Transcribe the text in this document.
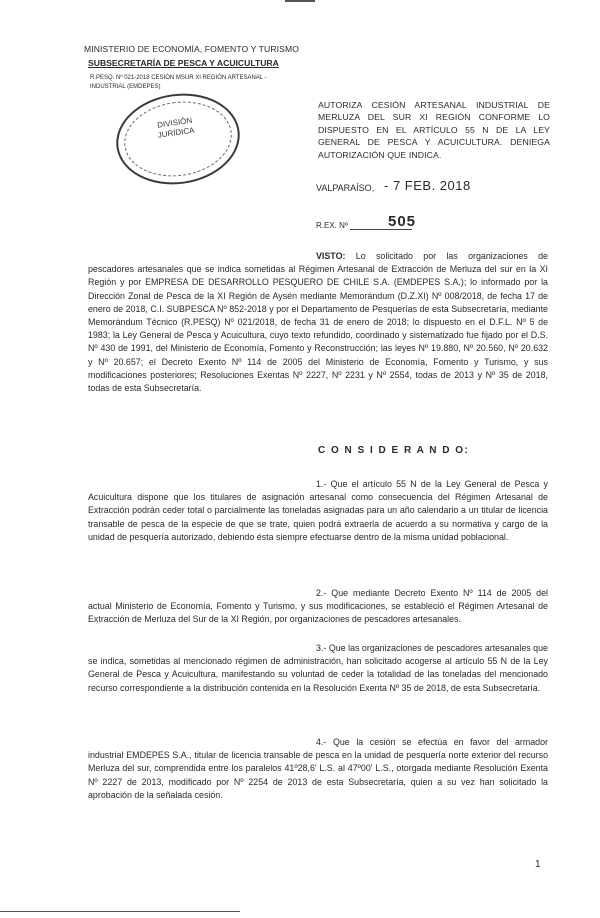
MINISTERIO DE ECONOMÍA, FOMENTO Y TURISMO
SUBSECRETARÍA DE PESCA Y ACUICULTURA
R.PESQ. Nº 021-2018 CESIÓN MSUR XI REGIÓN ARTESANAL - INDUSTRIAL (EMDEPES)
DIVISIÓN JURÍDICA
AUTORIZA CESIÓN ARTESANAL INDUSTRIAL DE MERLUZA DEL SUR XI REGIÓN CONFORME LO DISPUESTO EN EL ARTÍCULO 55 N DE LA LEY GENERAL DE PESCA Y ACUICULTURA. DENIEGA AUTORIZACIÓN QUE INDICA.
VALPARAÍSO, - 7 FEB. 2018
R.EX. Nº	505
VISTO: Lo solicitado por las organizaciones de pescadores artesanales que se indica sometidas al Régimen Artesanal de Extracción de Merluza del sur en la XI Región y por EMPRESA DE DESARROLLO PESQUERO DE CHILE S.A. (EMDEPES S.A.); lo informado por la Dirección Zonal de Pesca de la XI Región de Aysén mediante Memorándum (D.Z.XI) Nº 008/2018, de fecha 17 de enero de 2018, C.I. SUBPESCA Nº 852-2018 y por el Departamento de Pesquerías de esta Subsecretaría, mediante Memorándum Técnico (R.PESQ) Nº 021/2018, de fecha 31 de enero de 2018; lo dispuesto en el D.F.L. Nº 5 de 1983; la Ley General de Pesca y Acuicultura, cuyo texto refundido, coordinado y sistematizado fue fijado por el D.S. Nº 430 de 1991, del Ministerio de Economía, Fomento y Reconstrucción; las leyes Nº 19.880, Nº 20.560, Nº 20.632 y Nº 20.657; el Decreto Exento Nº 114 de 2005 del Ministerio de Economía, Fomento y Turismo, y sus modificaciones posteriores; Resoluciones Exentas Nº 2227, Nº 2231 y Nº 2554, todas de 2013 y Nº 35 de 2018, todas de esta Subsecretaría.
C O N S I D E R A N D O:
1.- Que el artículo 55 N de la Ley General de Pesca y Acuicultura dispone que los titulares de asignación artesanal como consecuencia del Régimen Artesanal de Extracción podrán ceder total o parcialmente las toneladas asignadas para un año calendario a un titular de licencia transable de pesca de la especie de que se trate, quien podrá extraerla de acuerdo a su normativa y cargo de la unidad de pesquería autorizado, debiendo ésta siempre efectuarse dentro de la misma unidad poblacional.
2.- Que mediante Decreto Exento Nº 114 de 2005 del actual Ministerio de Economía, Fomento y Turismo, y sus modificaciones, se estableció el Régimen Artesanal de Extracción de Merluza del Sur de la XI Región, por organizaciones de pescadores artesanales.
3.- Que las organizaciones de pescadores artesanales que se indica, sometidas al mencionado régimen de administración, han solicitado acogerse al artículo 55 N de la Ley General de Pesca y Acuicultura, manifestando su voluntad de ceder la totalidad de las toneladas del mencionado recurso correspondiente a la distribución contenida en la Resolución Exenta Nº 35 de 2018, de esta Subsecretaría.
4.- Que la cesión se efectúa en favor del armador industrial EMDEPES S.A., titular de licencia transable de pesca en la unidad de pesquería norte exterior del recurso Merluza del sur, comprendida entre los paralelos 41º28,6' L.S. al 47º00' L.S., otorgada mediante Resolución Exenta Nº 2227 de 2013, modificado por Nº 2254 de 2013 de esta Subsecretaría, quien a su vez han solicitado la aprobación de la señalada cesión.
1
